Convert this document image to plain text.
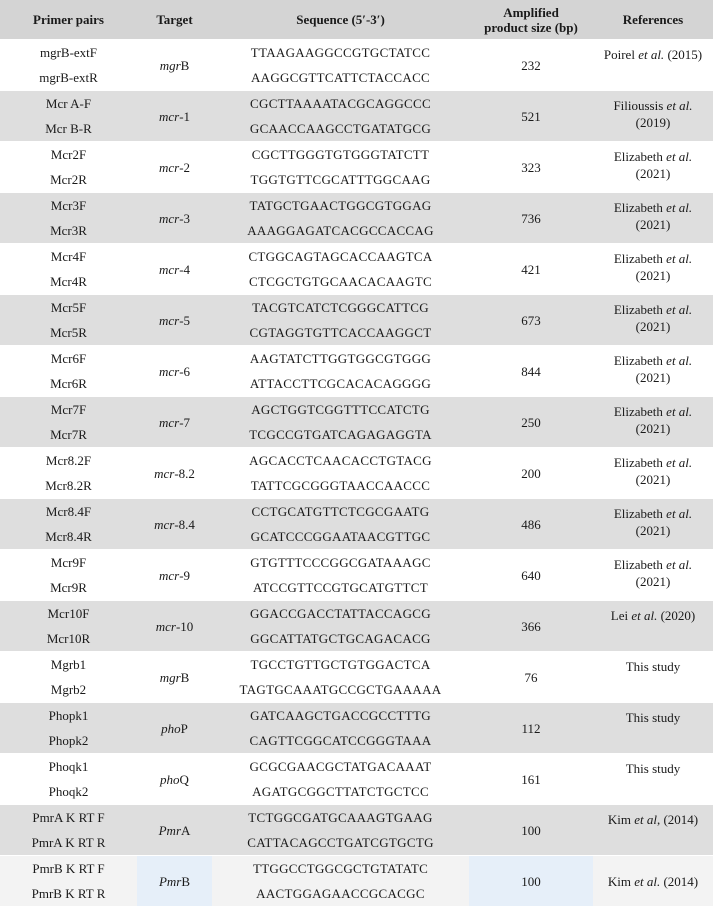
Primer pairs	Target	Sequence (5′-3′)	Amplified
product size (bp)	References
mgrB-extF	mgrB	TTAAGAAGGCCGTGCTATCC	232	Poirel et al. (2015)

mgrB-extR		AAGGCGTTCATTCTACCACC		
Mcr A-F	mcr-1	CGCTTAAAATACGCAGGCCC	521	Filioussis et al.
(2019)
Mcr B-R		GCAACCAAGCCTGATATGCG		
Mcr2F	mcr-2	CGCTTGGGTGTGGGTATCTT	323	Elizabeth et al.
(2021)
Mcr2R		TGGTGTTCGCATTTGGCAAG		
Mcr3F	mcr-3	TATGCTGAACTGGCGTGGAG	736	Elizabeth et al.
(2021)
Mcr3R		AAAGGAGATCACGCCACCAG		
Mcr4F	mcr-4	CTGGCAGTAGCACCAAGTCA	421	Elizabeth et al.
(2021)
Mcr4R		CTCGCTGTGCAACACAAGTC		
Mcr5F	mcr-5	TACGTCATCTCGGGCATTCG	673	Elizabeth et al.
(2021)
Mcr5R		CGTAGGTGTTCACCAAGGCT		
Mcr6F	mcr-6	AAGTATCTTGGTGGCGTGGG	844	Elizabeth et al.
(2021)
Mcr6R		ATTACCTTCGCACACAGGGG		
Mcr7F	mcr-7	AGCTGGTCGGTTTCCATCTG	250	Elizabeth et al.
(2021)
Mcr7R		TCGCCGTGATCAGAGAGGTA		
Mcr8.2F	mcr-8.2	AGCACCTCAACACCTGTACG	200	Elizabeth et al.
(2021)
Mcr8.2R		TATTCGCGGGTAACCAACCC		
Mcr8.4F	mcr-8.4	CCTGCATGTTCTCGCGAATG	486	Elizabeth et al.
(2021)
Mcr8.4R		GCATCCCGGAATAACGTTGC		
Mcr9F	mcr-9	GTGTTTCCCGGCGATAAAGC	640	Elizabeth et al.
(2021)
Mcr9R		ATCCGTTCCGTGCATGTTCT		
Mcr10F	mcr-10	GGACCGACCTATTACCAGCG	366	Lei et al. (2020)
Mcr10R		GGCATTATGCTGCAGACACG		
Mgrb1	mgrB	TGCCTGTTGCTGTGGACTCA	76	This study
Mgrb2		TAGTGCAAATGCCGCTGAAAAA		
Phopk1	phoP	GATCAAGCTGACCGCCTTTG	112	This study
Phopk2		CAGTTCGGCATCCGGGTAAA		
Phoqk1	phoQ	GCGCGAACGCTATGACAAAT	161	This study
Phoqk2		AGATGCGGCTTATCTGCTCC		
PmrA K RT F	PmrA	TCTGGCGATGCAAAGTGAAG	100	Kim et al, (2014)
PmrA K RT R		CATTACAGCCTGATCGTGCTG		
PmrB K RT F	PmrB	TTGGCCTGGCGCTGTATATC	100	Kim et al. (2014)
PmrB K RT R		AACTGGAGAACCGCACGC		
